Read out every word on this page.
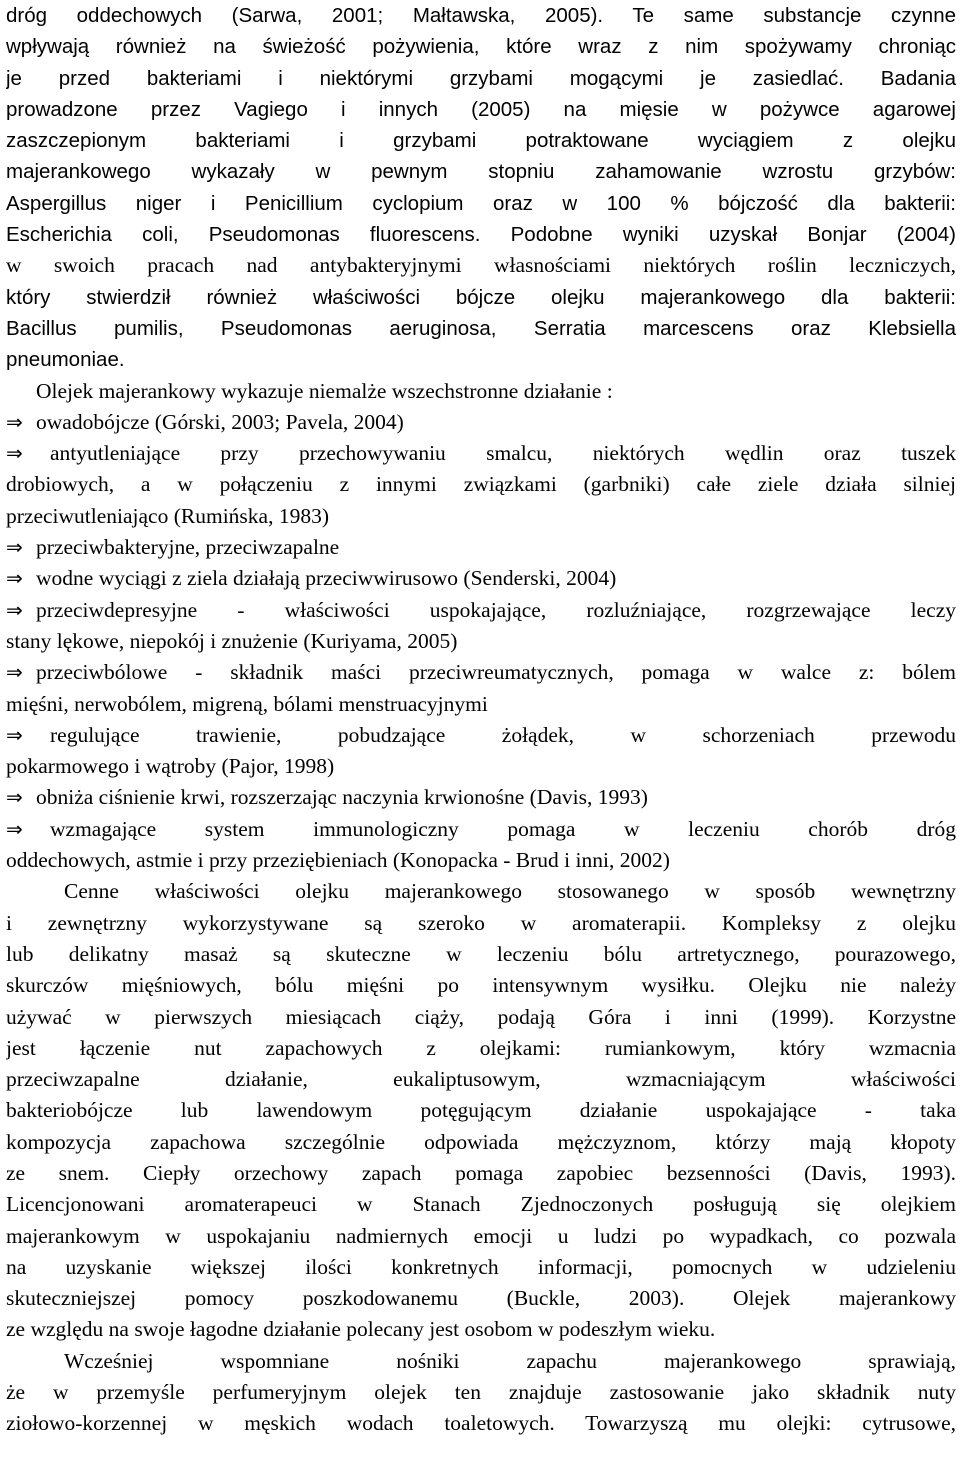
dróg oddechowych (Sarwa, 2001; Małtawska, 2005). Te same substancje czynne
wpływają również na świeżość pożywienia, które wraz z nim spożywamy chroniąc
je przed bakteriami i niektórymi grzybami mogącymi je zasiedlać. Badania
prowadzone przez Vagiego i innych (2005) na mięsie w pożywce agarowej
zaszczepionym bakteriami i grzybami potraktowane wyciągiem z olejku
majerankowego wykazały w pewnym stopniu zahamowanie wzrostu grzybów:
Aspergillus niger i Penicillium cyclopium oraz w 100 % bójczość dla bakterii:
Escherichia coli, Pseudomonas fluorescens. Podobne wyniki uzyskał Bonjar (2004)
w swoich pracach nad antybakteryjnymi własnościami niektórych roślin leczniczych,
który stwierdził również właściwości bójcze olejku majerankowego dla bakterii:
Bacillus pumilis, Pseudomonas aeruginosa, Serratia marcescens oraz Klebsiella
pneumoniae.
Olejek majerankowy wykazuje niemalże wszechstronne działanie :
⇒ owadobójcze (Górski, 2003; Pavela, 2004)
⇒ antyutleniające przy przechowywaniu smalcu, niektórych wędlin oraz tuszek
drobiowych, a w połączeniu z innymi związkami (garbniki) całe ziele działa silniej
przeciwutleniająco (Rumińska, 1983)
⇒ przeciwbakteryjne, przeciwzapalne
⇒ wodne wyciągi z ziela działają przeciwwirusowo (Senderski, 2004)
⇒ przeciwdepresyjne - właściwości uspokajające, rozluźniające, rozgrzewające leczy
stany lękowe, niepokój i znużenie (Kuriyama, 2005)
⇒ przeciwbólowe - składnik maści przeciwreumatycznych, pomaga w walce z: bólem
mięśni, nerwobólem, migreną, bólami menstruacyjnymi
⇒ regulujące trawienie, pobudzające żołądek, w schorzeniach przewodu
pokarmowego i wątroby (Pajor, 1998)
⇒ obniża ciśnienie krwi, rozszerzając naczynia krwionośne (Davis, 1993)
⇒ wzmagające system immunologiczny pomaga w leczeniu chorób dróg
oddechowych, astmie i przy przeziębieniach (Konopacka - Brud i inni, 2002)
Cenne właściwości olejku majerankowego stosowanego w sposób wewnętrzny
i zewnętrzny wykorzystywane są szeroko w aromaterapii. Kompleksy z olejku
lub delikatny masaż są skuteczne w leczeniu bólu artretycznego, pourazowego,
skurczów mięśniowych, bólu mięśni po intensywnym wysiłku. Olejku nie należy
używać w pierwszych miesiącach ciąży, podają Góra i inni (1999). Korzystne
jest łączenie nut zapachowych z olejkami: rumiankowym, który wzmacnia
przeciwzapalne działanie, eukaliptusowym, wzmacniającym właściwości
bakteriobójcze lub lawendowym potęgującym działanie uspokajające - taka
kompozycja zapachowa szczególnie odpowiada mężczyznom, którzy mają kłopoty
ze snem. Ciepły orzechowy zapach pomaga zapobiec bezsenności (Davis, 1993).
Licencjonowani aromaterapeuci w Stanach Zjednoczonych posługują się olejkiem
majerankowym w uspokajaniu nadmiernych emocji u ludzi po wypadkach, co pozwala
na uzyskanie większej ilości konkretnych informacji, pomocnych w udzieleniu
skuteczniejszej pomocy poszkodowanemu (Buckle, 2003). Olejek majerankowy
ze względu na swoje łagodne działanie polecany jest osobom w podeszłym wieku.
Wcześniej wspomniane nośniki zapachu majerankowego sprawiają,
że w przemyśle perfumeryjnym olejek ten znajduje zastosowanie jako składnik nuty
ziołowo-korzennej w męskich wodach toaletowych. Towarzyszą mu olejki: cytrusowe,
